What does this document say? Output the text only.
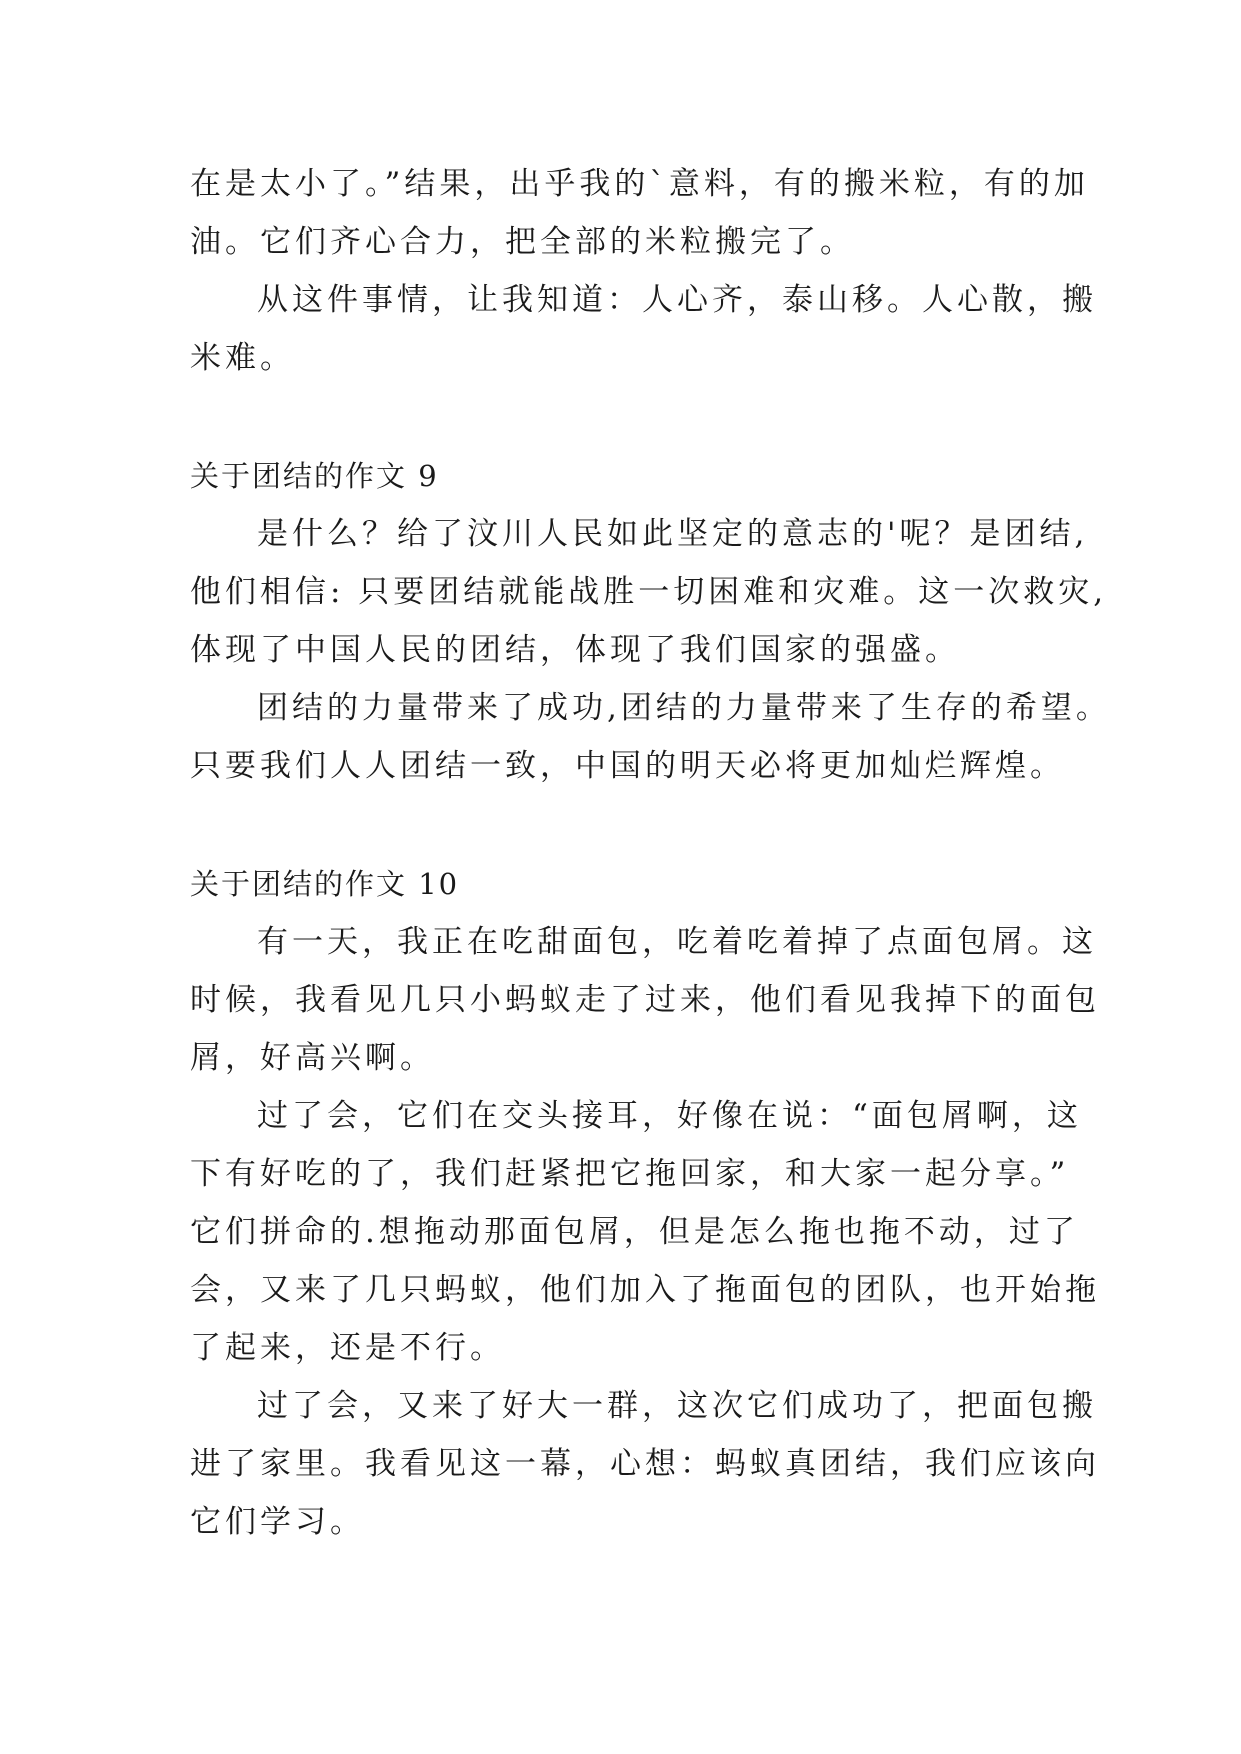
在是太小了。”结果，出乎我的`意料，有的搬米粒，有的加
油。它们齐心合力，把全部的米粒搬完了。
从这件事情，让我知道：人心齐，泰山移。人心散，搬
米难。
关于团结的作文 9
是什么？给了汶川人民如此坚定的意志的'呢？是团结,
他们相信: 只要团结就能战胜一切困难和灾难。这一次救灾,
体现了中国人民的团结，体现了我们国家的强盛。
团结的力量带来了成功,团结的力量带来了生存的希望。
只要我们人人团结一致，中国的明天必将更加灿烂辉煌。
关于团结的作文 10
有一天，我正在吃甜面包，吃着吃着掉了点面包屑。这
时候，我看见几只小蚂蚁走了过来，他们看见我掉下的面包
屑，好高兴啊。
过了会，它们在交头接耳，好像在说：“面包屑啊，这
下有好吃的了，我们赶紧把它拖回家，和大家一起分享。”
它们拼命的.想拖动那面包屑，但是怎么拖也拖不动，过了
会，又来了几只蚂蚁，他们加入了拖面包的团队，也开始拖
了起来，还是不行。
过了会，又来了好大一群，这次它们成功了，把面包搬
进了家里。我看见这一幕，心想：蚂蚁真团结，我们应该向
它们学习。
